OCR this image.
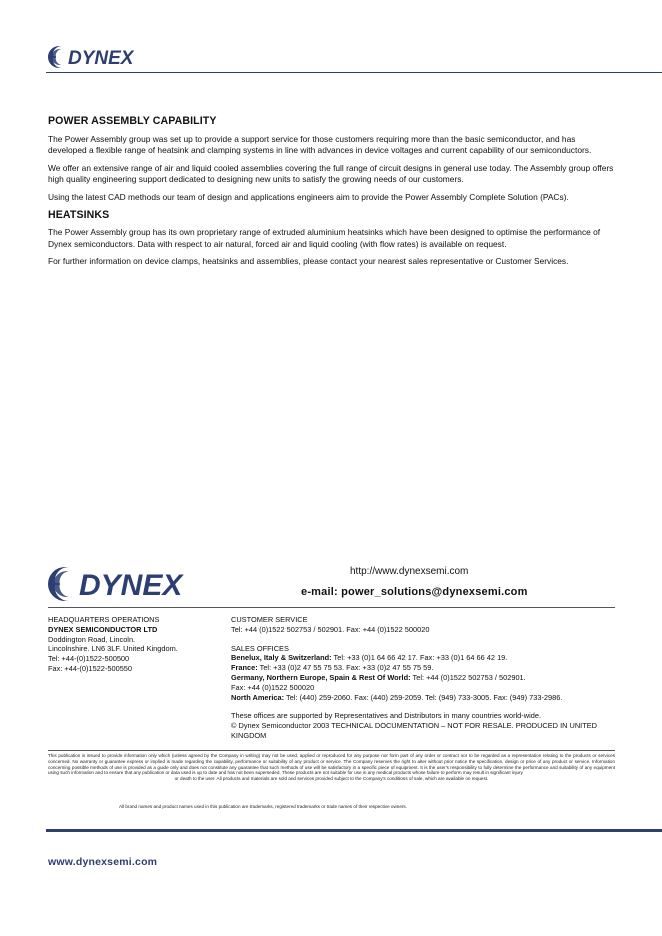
DYNEX
POWER ASSEMBLY CAPABILITY

The Power Assembly group was set up to provide a support service for those customers requiring more than the basic semiconductor, and has developed a flexible range of heatsink and clamping systems in line with advances in device voltages and current capability of our semiconductors.

We offer an extensive range of air and liquid cooled assemblies covering the full range of circuit designs in general use today. The Assembly group offers high quality engineering support dedicated to designing new units to satisfy the growing needs of our customers.

Using the latest CAD methods our team of design and applications engineers aim to provide the Power Assembly Complete Solution (PACs).

HEATSINKS

The Power Assembly group has its own proprietary range of extruded aluminium heatsinks which have been designed to optimise the performance of Dynex semiconductors. Data with respect to air natural, forced air and liquid cooling (with flow rates) is available on request.

For further information on device clamps, heatsinks and assemblies, please contact your nearest sales representative or Customer Services.

DYNEX	http://www.dynexsemi.com
e-mail: power_solutions@dynexsemi.com
HEADQUARTERS OPERATIONS
DYNEX SEMICONDUCTOR LTD
Doddington Road, Lincoln.
Lincolnshire. LN6 3LF. United Kingdom.
Tel: +44-(0)1522-500500
Fax: +44-(0)1522-500550
CUSTOMER SERVICE
Tel: +44 (0)1522 502753 / 502901. Fax: +44 (0)1522 500020
SALES OFFICES
Benelux, Italy & Switzerland: Tel: +33 (0)1 64 66 42 17. Fax: +33 (0)1 64 66 42 19.
France: Tel: +33 (0)2 47 55 75 53. Fax: +33 (0)2 47 55 75 59.
Germany, Northern Europe, Spain & Rest Of World: Tel: +44 (0)1522 502753 / 502901.
Fax: +44 (0)1522 500020
North America: Tel: (440) 259-2060. Fax: (440) 259-2059. Tel: (949) 733-3005. Fax: (949) 733-2986.
These offices are supported by Representatives and Distributors in many countries world-wide.
© Dynex Semiconductor 2003 TECHNICAL DOCUMENTATION – NOT FOR RESALE. PRODUCED IN UNITED KINGDOM
This publication is issued to provide information only which (unless agreed by the Company in writing) may not be used, applied or reproduced for any purpose nor form part of any order or contract nor to be regarded as a representation relating to the products or services concerned. No warranty or guarantee express or implied is made regarding the capability, performance or suitability of any product or service. The Company reserves the right to alter without prior notice the specification, design or price of any product or service. Information concerning possible methods of use is provided as a guide only and does not constitute any guarantee that such methods of use will be satisfactory in a specific piece of equipment. It is the user's responsibility to fully determine the performance and suitability of any equipment using such information and to ensure that any publication or data used is up to date and has not been superseded. These products are not suitable for use in any medical products whose failure to perform may result in significant injury
or death to the user. All products and materials are sold and services provided subject to the Company's conditions of sale, which are available on request.
All brand names and product names used in this publication are trademarks, registered trademarks or trade names of their respective owners.
www.dynexsemi.com
